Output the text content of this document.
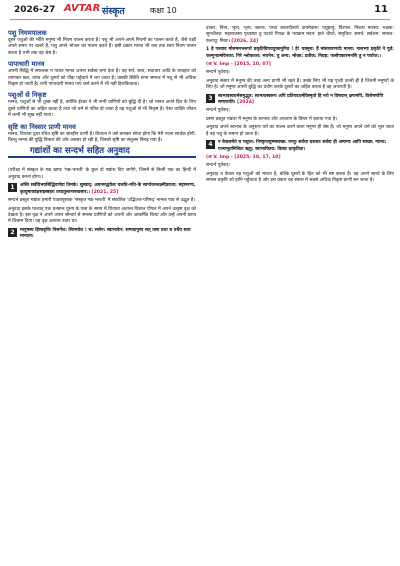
2026-27 AVTAR संस्कृत	कक्षा 10	11
पशु नियमपालक

दूसरे पशुओं की भाँति मनुष्य भी नियम पालन करता है। पशु भी अपने-अपने नियमों का पालन करते हैं, जैसे पक्षी अपने समय पर चलते हैं, पशु अपने भोजन का पालन करते हैं। इसी प्रकार मानव भी जब तक स्वयं नियम पालन करता है तभी तक वह श्रेष्ठ है।

पापाचारी मानव

अपनी सिद्धि में सफलता न पाकर मानव अपना सर्वस्व लगा देता है। वह सर्प, सत्य, सदाचार आदि के व्यवहार को त्यागकर छल, प्रपंच और दूसरों को पीड़ा पहुँचाने में लग जाता है। उसकी स्थिति सभ्य समाज में पशु से भी अधिक निकृष्ट हो जाती है। तभी पापाचारी मानव पाप कर्म करने में भी नहीं हिचकिचाता।

पशुओं से निकृष्ट

मानव, पशुओं से भी तुच्छ नहीं है, क्योंकि ईश्वर ने भी सभी प्राणियों को बुद्धि दी है। जो मानव अपने हित के लिए दूसरे प्राणियों का अहित करता है तथा जो धर्म से पतित हो जाता है वह पशुओं से भी निकृष्ट है। ऐसा व्यक्ति जीवन में कभी भी सुख नहीं पाता।

सृष्टि का निस्सार प्राणी मानव

मानव, विधाता द्वारा रचित सृष्टि का सारहीन प्राणी है। विधाता ने उसे बनाकर सोचा होगा कि मेरी रचना सार्थक होगी, किन्तु मानव की बुद्धि विनाश की ओर अग्रसर हो रही है, जिससे सृष्टि का संतुलन बिगड़ गया है।

गद्यांशों का सन्दर्भ सहित अनुवाद

(परीक्षा में संस्कृत के गद्य खण्ड 'गद्य-भारती' के कुल दो गद्यांश दिए जाएँगे, जिनमें से किसी एक का हिन्दी में अनुवाद करना होगा।)

1	अस्ति सर्वविभवसिद्धिवर्णवा तिमके: सुस्वाद्: अवनमद्धवेशः चलति-मति-के स्वर्ग्यधनलक्ष्मीप्रदत्ता: महामरणः, कृत्युमाकांक्षसहस्त्रहरः तथ्यतुलानसत्त्वसार:। [2021, 25]

सन्दर्भ प्रस्तुत गद्यांश हमारी पाठ्यपुस्तक 'संस्कृत गद्य-भारती' में संकलित 'उद्भिज्ज-परिषद्' नामक पाठ से उद्धृत है।

अनुवाद इसके पश्चात् एक धनवन्त पुरुष के पास के समय में विधाता अत्यन्त विशाल पीपल में अपने उत्कृष्ट वृक्ष को देखता है। इस वृक्ष ने अपने अपार सौन्दर्य से समस्त प्राणियों को अपनी ओर आकर्षित किया और उन्हें अपनी छाया में विश्राम दिया। वह वृक्ष अत्यन्त उदार था।

2	मानुषस्य हिंसावृत्तिः निसर्गेश: सिरमवेश ! च: सलेन: स्वाभावेन: सम्पदानुस्य सत् तस्य तथा च तथैव सत्य मान्यता।

दातार, नित्य, भृत्य, भृत्य, खानाः, परदा कालयीतव्ये दायमेवास: पशुहत्यू: विशाल: निवत्यं मारस्य: भक्षक: सुपचीतव: महाराजस्य पृथ्यस्या तु पदार्थ पिपक्ष के पराक्रम मदन: हाते चौरते, समूचित: समर्थ: सर्वलम: समाज: फलाथु: निवाः। [2026, 24]

1 हे पश्चाद मोसममभलपरे प्रकृतिविपययुक्तनुनित ! हे! यत्रमुच: है मांसाचरणयोः मानव: नालभ्यः प्रकृति ने पूर्व: फल्गुनात्मविनाश: गिरे श्लोकतश: भयनेन: तु अन्य: भोक्त: प्रतीक: निग्रह: फलोपकारमनसि तु न पर्याप्त:।

(अ V. Imp - [2015, 10, 07]

सन्दर्भ पूर्ववत्।

अनुवाद संसार में मनुष्य की तरह अन्य प्राणी भी रहते हैं। उनके लिए भी यह पृथ्वी उतनी ही है जितनी मनुष्यों के लिए है। जो मनुष्य अपनी बुद्धि का प्रयोग करके दूसरों का अहित करता है वह अपराधी है।

3	स्वभावस्वधर्मसमुद्भूत: स्वभावस्वरूप अपि प्रतिपदधर्मविस्मृतो हि नरो न विषयान् क्षणमपि, विशेषणोपि समाचरति। [2024]

सन्दर्भ पूर्ववत्।

प्रसंग प्रस्तुत गद्यांश में मनुष्य के स्वभाव और आचरण के विषय में बताया गया है।

अनुवाद अपने स्वभाव के अनुरूप धर्म का पालन करने वाला मनुष्य ही श्रेष्ठ है। जो मनुष्य अपने धर्म को भूल जाता है वह पशु के समान हो जाता है।

4	न केवलमेते च पशुघ्न: निष्कृपायुष्मस्वच्छ: जन्तुः सर्वथा प्रशस्तः सर्वदा ही अमान्यः आपि स्वच्छ: न्याय्य: पञ्चभूतमिश्रितः ऋतु: स्वाभावितव: वित्वाः प्राकृतिक।

(अ V. Imp - [2025, 18, 17, 10]

सन्दर्भ पूर्ववत्।

अनुवाद न केवल वह पशुओं को मारता है, बल्कि दूसरों के हित को भी नष्ट करता है। वह अपने स्वार्थ के लिए समस्त प्रकृति को हानि पहुँचाता है और इस प्रकार वह संसार में सबसे अधिक निकृष्ट प्राणी बन जाता है।
